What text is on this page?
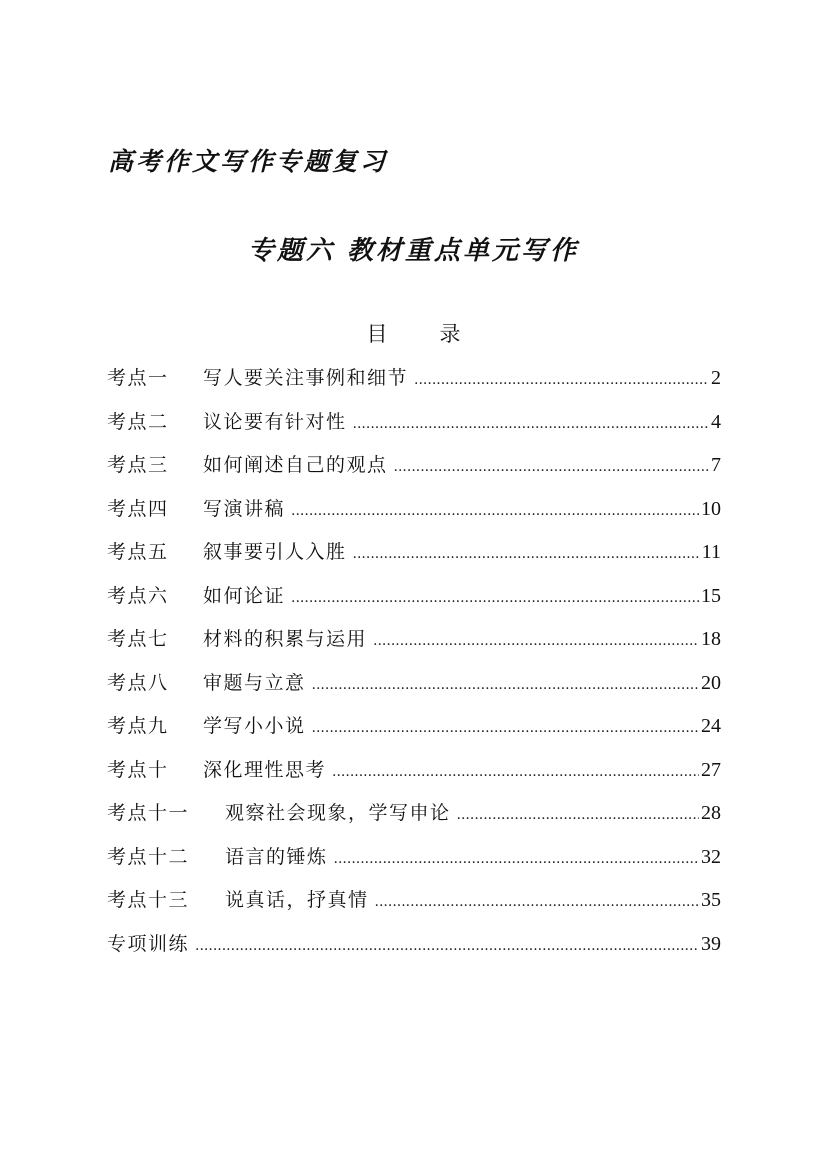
高考作文写作专题复习
专题六 教材重点单元写作
目 录
考点一	写人要关注事例和细节 .....	2
考点二	议论要有针对性 .....	4
考点三	如何阐述自己的观点 .....	7
考点四	写演讲稿 .....	10
考点五	叙事要引人入胜 .....	11
考点六	如何论证 .....	15
考点七	材料的积累与运用 .....	18
考点八	审题与立意 .....	20
考点九	学写小小说 .....	24
考点十	深化理性思考 .....	27
考点十一	观察社会现象，学写申论 .....	28
考点十二	语言的锤炼 .....	32
考点十三	说真话，抒真情 .....	35
专项训练 .....	39
